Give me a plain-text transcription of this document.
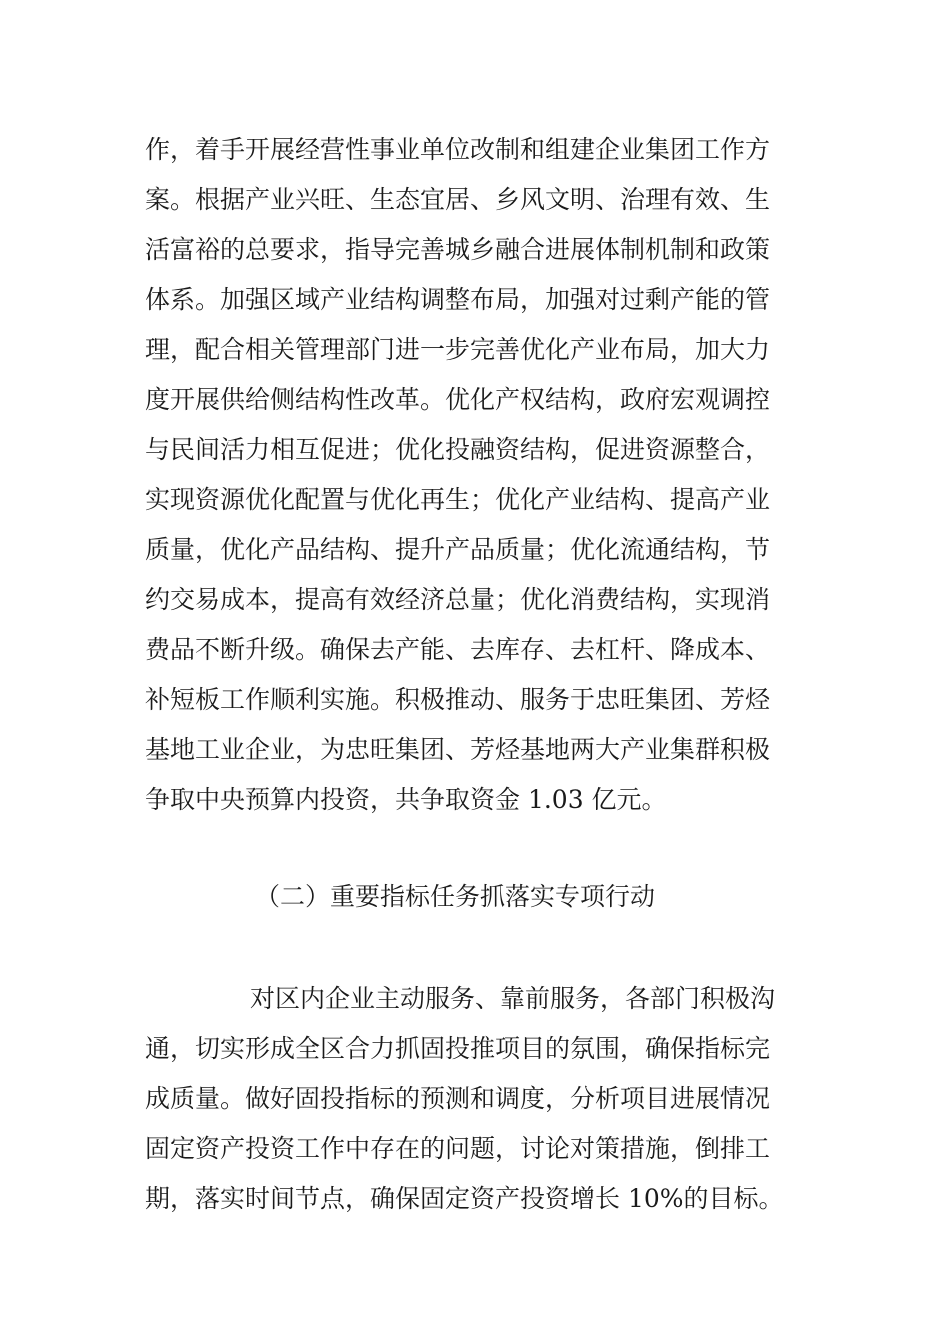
作，着手开展经营性事业单位改制和组建企业集团工作方
案。根据产业兴旺、生态宜居、乡风文明、治理有效、生
活富裕的总要求，指导完善城乡融合进展体制机制和政策
体系。加强区域产业结构调整布局，加强对过剩产能的管
理，配合相关管理部门进一步完善优化产业布局，加大力
度开展供给侧结构性改革。优化产权结构，政府宏观调控
与民间活力相互促进；优化投融资结构，促进资源整合，
实现资源优化配置与优化再生；优化产业结构、提高产业
质量，优化产品结构、提升产品质量；优化流通结构，节
约交易成本，提高有效经济总量；优化消费结构，实现消
费品不断升级。确保去产能、去库存、去杠杆、降成本、
补短板工作顺利实施。积极推动、服务于忠旺集团、芳烃
基地工业企业，为忠旺集团、芳烃基地两大产业集群积极
争取中央预算内投资，共争取资金 1.03 亿元。
（二）重要指标任务抓落实专项行动
对区内企业主动服务、靠前服务，各部门积极沟
通，切实形成全区合力抓固投推项目的氛围，确保指标完
成质量。做好固投指标的预测和调度，分析项目进展情况
固定资产投资工作中存在的问题，讨论对策措施，倒排工
期，落实时间节点，确保固定资产投资增长 10%的目标。
